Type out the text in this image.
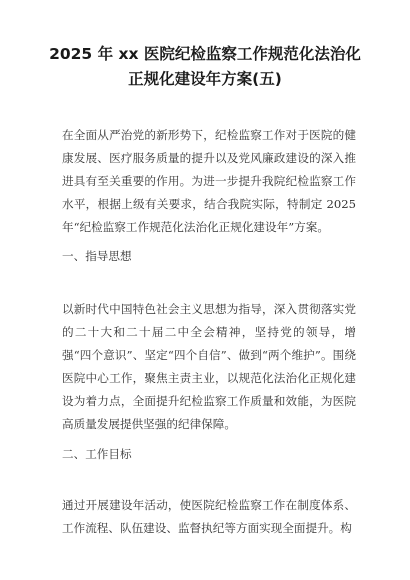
2025 年 xx 医院纪检监察工作规范化法治化
正规化建设年方案(五)
在全面从严治党的新形势下，纪检监察工作对于医院的健康发展、医疗服务质量的提升以及党风廉政建设的深入推进具有至关重要的作用。为进一步提升我院纪检监察工作水平，根据上级有关要求，结合我院实际，特制定 2025 年“纪检监察工作规范化法治化正规化建设年”方案。
一、指导思想
以新时代中国特色社会主义思想为指导，深入贯彻落实党的二十大和二十届二中全会精神，坚持党的领导，增强“四个意识”、坚定“四个自信”、做到“两个维护”。围绕医院中心工作，聚焦主责主业，以规范化法治化正规化建设为着力点，全面提升纪检监察工作质量和效能，为医院高质量发展提供坚强的纪律保障。
二、工作目标
通过开展建设年活动，使医院纪检监察工作在制度体系、工作流程、队伍建设、监督执纪等方面实现全面提升。构
